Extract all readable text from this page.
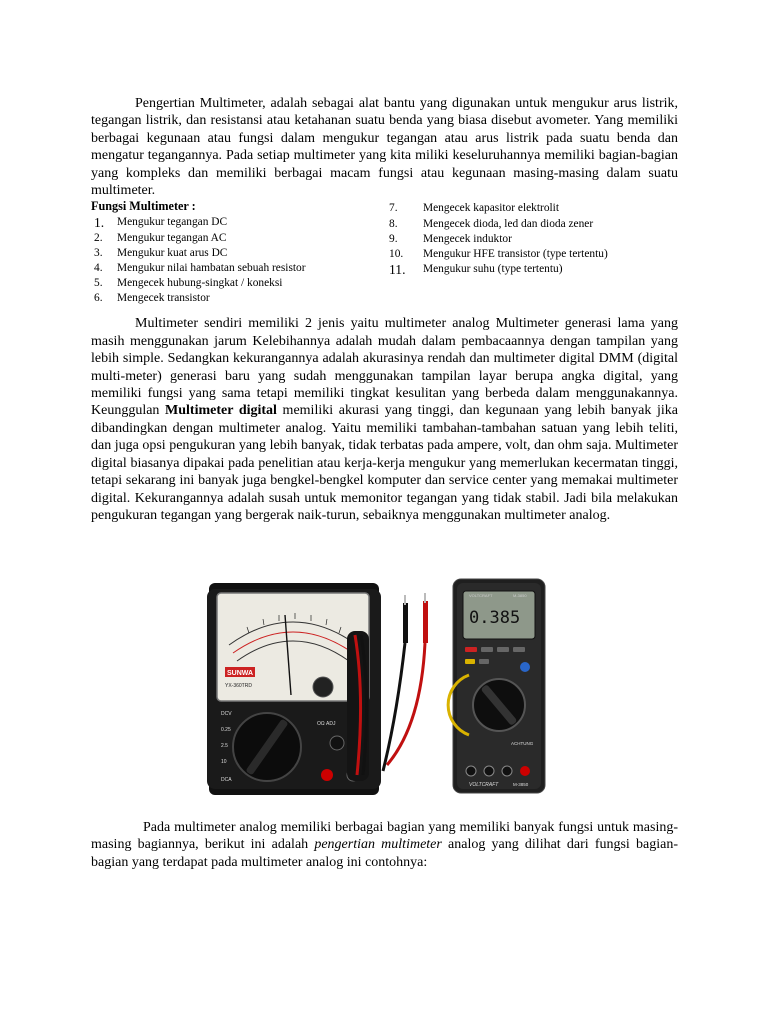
Pengertian Multimeter, adalah sebagai alat bantu yang digunakan untuk mengukur arus listrik, tegangan listrik, dan resistansi atau ketahanan suatu benda yang biasa disebut avometer. Yang memiliki berbagai kegunaan atau fungsi dalam mengukur tegangan atau arus listrik pada suatu benda dan mengatur tegangannya. Pada setiap multimeter yang kita miliki keseluruhannya memiliki bagian-bagian yang kompleks dan memiliki berbagai macam fungsi atau kegunaan masing-masing dalam suatu multimeter.

Fungsi Multimeter :

1. Mengukur tegangan DC
2. Mengukur tegangan AC
3. Mengukur kuat arus DC
4. Mengukur nilai hambatan sebuah resistor
5. Mengecek hubung-singkat / koneksi
6. Mengecek transistor
7. Mengecek kapasitor elektrolit
8. Mengecek dioda, led dan dioda zener
9. Mengecek induktor
10. Mengukur HFE transistor (type tertentu)
11. Mengukur suhu (type tertentu)

Multimeter sendiri memiliki 2 jenis yaitu multimeter analog Multimeter generasi lama yang masih menggunakan jarum Kelebihannya adalah mudah dalam pembacaannya dengan tampilan yang lebih simple. Sedangkan kekurangannya adalah akurasinya rendah dan multimeter digital DMM (digital multi-meter) generasi baru yang sudah menggunakan tampilan layar berupa angka digital, yang memiliki fungsi yang sama tetapi memiliki tingkat kesulitan yang berbeda dalam menggunakannya. Keunggulan Multimeter digital memiliki akurasi yang tinggi, dan kegunaan yang lebih banyak jika dibandingkan dengan multimeter analog. Yaitu memiliki tambahan-tambahan satuan yang lebih teliti, dan juga opsi pengukuran yang lebih banyak, tidak terbatas pada ampere, volt, dan ohm saja. Multimeter digital biasanya dipakai pada penelitian atau kerja-kerja mengukur yang memerlukan kecermatan tinggi, tetapi sekarang ini banyak juga bengkel-bengkel komputer dan service center yang memakai multimeter digital. Kekurangannya adalah susah untuk memonitor tegangan yang tidak stabil. Jadi bila melakukan pengukuran tegangan yang bergerak naik-turun, sebaiknya menggunakan multimeter analog.

SUNWA
YX-360TRD
DCV
0.25
2.5
10
DCA
OΩ ADJ
VOLTCRAFT	M-3850
0.385
ACHTUNG
VOLTCRAFT	M-3850

Pada multimeter analog memiliki berbagai bagian yang memiliki banyak fungsi untuk masing-masing bagiannya, berikut ini adalah pengertian multimeter analog yang dilihat dari fungsi bagian-bagian yang terdapat pada multimeter analog ini contohnya:
